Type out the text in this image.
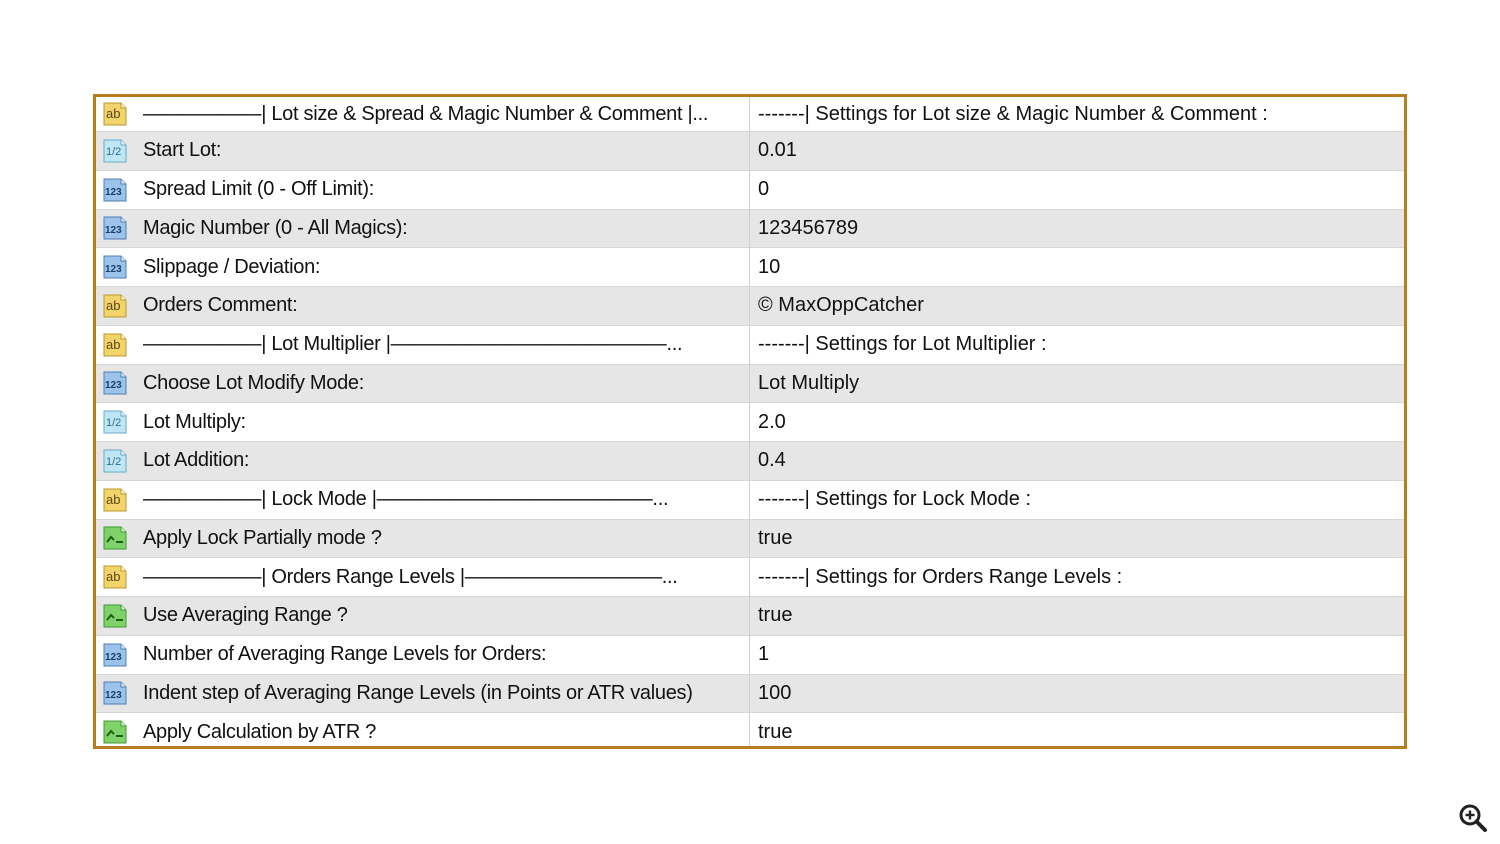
ab ——————| Lot size & Spread & Magic Number & Comment |...	-------| Settings for Lot size & Magic Number & Comment :
1/2 Start Lot:	0.01
123 Spread Limit (0 - Off Limit):	0
123 Magic Number (0 - All Magics):	123456789
123 Slippage / Deviation:	10
ab Orders Comment:	© MaxOppCatcher
ab ——————| Lot Multiplier |——————————————...	-------| Settings for Lot Multiplier :
123 Choose Lot Modify Mode:	Lot Multiply
1/2 Lot Multiply:	2.0
1/2 Lot Addition:	0.4
ab ——————| Lock Mode |——————————————...	-------| Settings for Lock Mode :
Apply Lock Partially mode ?	true
ab ——————| Orders Range Levels |——————————...	-------| Settings for Orders Range Levels :
Use Averaging Range ?	true
123 Number of Averaging Range Levels for Orders:	1
123 Indent step of Averaging Range Levels (in Points or ATR values)	100
Apply Calculation by ATR ?	true
